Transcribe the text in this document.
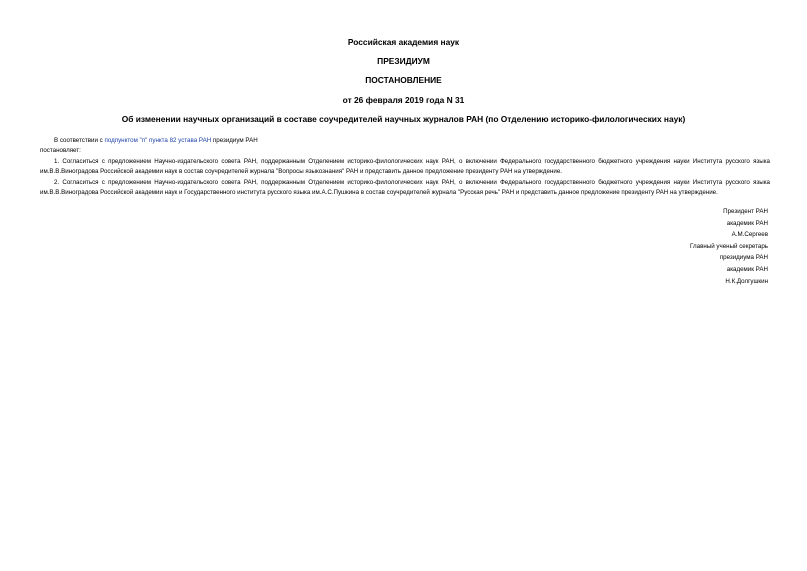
Российская академия наук
ПРЕЗИДИУМ
ПОСТАНОВЛЕНИЕ
от 26 февраля 2019 года N 31
Об изменении научных организаций в составе соучредителей научных журналов РАН (по Отделению историко-филологических наук)

В соответствии с подпунктом "п" пункта 82 устава РАН президиум РАН

постановляет:

1. Согласиться с предложением Научно-издательского совета РАН, поддержанным Отделением историко-филологических наук РАН, о включении Федерального государственного бюджетного учреждения науки Института русского языка им.В.В.Виноградова Российской академии наук в состав соучредителей журнала "Вопросы языкознания" РАН и представить данное предложение президенту РАН на утверждение.

2. Согласиться с предложением Научно-издательского совета РАН, поддержанным Отделением историко-филологических наук РАН, о включении Федерального государственного бюджетного учреждения науки Института русского языка им.В.В.Виноградова Российской академии наук и Государственного института русского языка им.А.С.Пушкина в состав соучредителей журнала "Русская речь" РАН и представить данное предложение президенту РАН на утверждение.

Президент РАН
академик РАН
А.М.Сергеев
Главный ученый секретарь
президиума РАН
академик РАН
Н.К.Долгушкин
